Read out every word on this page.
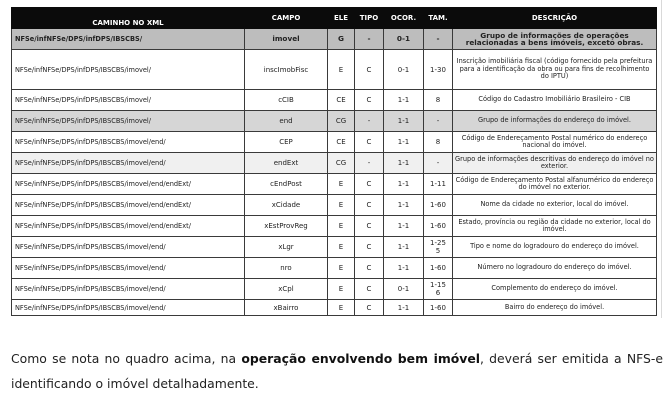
CAMINHO NO XML	CAMPO	ELE	TIPO	OCOR.	TAM.	DESCRIÇÃO
NFSe/infNFSe/DPS/infDPS/IBSCBS/	imovel	G	-	0-1	-	Grupo de informações de operações relacionadas a bens imóveis, exceto obras.
NFSe/infNFSe/DPS/infDPS/IBSCBS/imovel/	inscImobFisc	E	C	0-1	1-30	Inscrição imobiliária fiscal (código fornecido pela prefeitura para a identificação da obra ou para fins de recolhimento do IPTU)
NFSe/infNFSe/DPS/infDPS/IBSCBS/imovel/	cCIB	CE	C	1-1	8	Código do Cadastro Imobiliário Brasileiro - CIB
NFSe/infNFSe/DPS/infDPS/IBSCBS/imovel/	end	CG	-	1-1	-	Grupo de informações do endereço do imóvel.
NFSe/infNFSe/DPS/infDPS/IBSCBS/imovel/end/	CEP	CE	C	1-1	8	Código de Endereçamento Postal numérico do endereço nacional do imóvel.
NFSe/infNFSe/DPS/infDPS/IBSCBS/imovel/end/	endExt	CG	-	1-1	-	Grupo de informações descritivas do endereço do imóvel no exterior.
NFSe/infNFSe/DPS/infDPS/IBSCBS/imovel/end/endExt/	cEndPost	E	C	1-1	1-11	Código de Endereçamento Postal alfanumérico do endereço do imóvel no exterior.
NFSe/infNFSe/DPS/infDPS/IBSCBS/imovel/end/endExt/	xCidade	E	C	1-1	1-60	Nome da cidade no exterior, local do imóvel.
NFSe/infNFSe/DPS/infDPS/IBSCBS/imovel/end/endExt/	xEstProvReg	E	C	1-1	1-60	Estado, província ou região da cidade no exterior, local do imóvel.
NFSe/infNFSe/DPS/infDPS/IBSCBS/imovel/end/	xLgr	E	C	1-1	1-255	Tipo e nome do logradouro do endereço do imóvel.
NFSe/infNFSe/DPS/infDPS/IBSCBS/imovel/end/	nro	E	C	1-1	1-60	Número no logradouro do endereço do imóvel.
NFSe/infNFSe/DPS/infDPS/IBSCBS/imovel/end/	xCpl	E	C	0-1	1-156	Complemento do endereço do imóvel.
NFSe/infNFSe/DPS/infDPS/IBSCBS/imovel/end/	xBairro	E	C	1-1	1-60	Bairro do endereço do imóvel.

Como se nota no quadro acima, na operação envolvendo bem imóvel, deverá ser emitida a NFS-e identificando o imóvel detalhadamente.
